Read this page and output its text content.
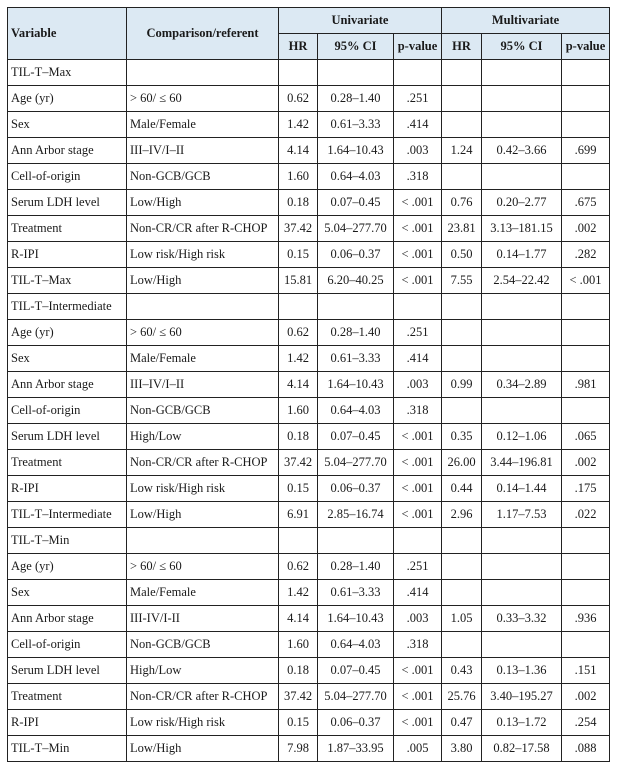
Variable	Comparison/referent	Univariate			Multivariate		
		HR	95% CI	p-value	HR	95% CI	p-value
TIL-T–Max							
Age (yr)	> 60/ ≤ 60	0.62	0.28–1.40	.251			
Sex	Male/Female	1.42	0.61–3.33	.414			
Ann Arbor stage	III–IV/I–II	4.14	1.64–10.43	.003	1.24	0.42–3.66	.699
Cell-of-origin	Non-GCB/GCB	1.60	0.64–4.03	.318			
Serum LDH level	Low/High	0.18	0.07–0.45	< .001	0.76	0.20–2.77	.675
Treatment	Non-CR/CR after R-CHOP	37.42	5.04–277.70	< .001	23.81	3.13–181.15	.002
R-IPI	Low risk/High risk	0.15	0.06–0.37	< .001	0.50	0.14–1.77	.282
TIL-T–Max	Low/High	15.81	6.20–40.25	< .001	7.55	2.54–22.42	< .001
TIL-T–Intermediate							
Age (yr)	> 60/ ≤ 60	0.62	0.28–1.40	.251			
Sex	Male/Female	1.42	0.61–3.33	.414			
Ann Arbor stage	III–IV/I–II	4.14	1.64–10.43	.003	0.99	0.34–2.89	.981
Cell-of-origin	Non-GCB/GCB	1.60	0.64–4.03	.318			
Serum LDH level	High/Low	0.18	0.07–0.45	< .001	0.35	0.12–1.06	.065
Treatment	Non-CR/CR after R-CHOP	37.42	5.04–277.70	< .001	26.00	3.44–196.81	.002
R-IPI	Low risk/High risk	0.15	0.06–0.37	< .001	0.44	0.14–1.44	.175
TIL-T–Intermediate	Low/High	6.91	2.85–16.74	< .001	2.96	1.17–7.53	.022
TIL-T–Min							
Age (yr)	> 60/ ≤ 60	0.62	0.28–1.40	.251			
Sex	Male/Female	1.42	0.61–3.33	.414			
Ann Arbor stage	III-IV/I-II	4.14	1.64–10.43	.003	1.05	0.33–3.32	.936
Cell-of-origin	Non-GCB/GCB	1.60	0.64–4.03	.318			
Serum LDH level	High/Low	0.18	0.07–0.45	< .001	0.43	0.13–1.36	.151
Treatment	Non-CR/CR after R-CHOP	37.42	5.04–277.70	< .001	25.76	3.40–195.27	.002
R-IPI	Low risk/High risk	0.15	0.06–0.37	< .001	0.47	0.13–1.72	.254
TIL-T–Min	Low/High	7.98	1.87–33.95	.005	3.80	0.82–17.58	.088
